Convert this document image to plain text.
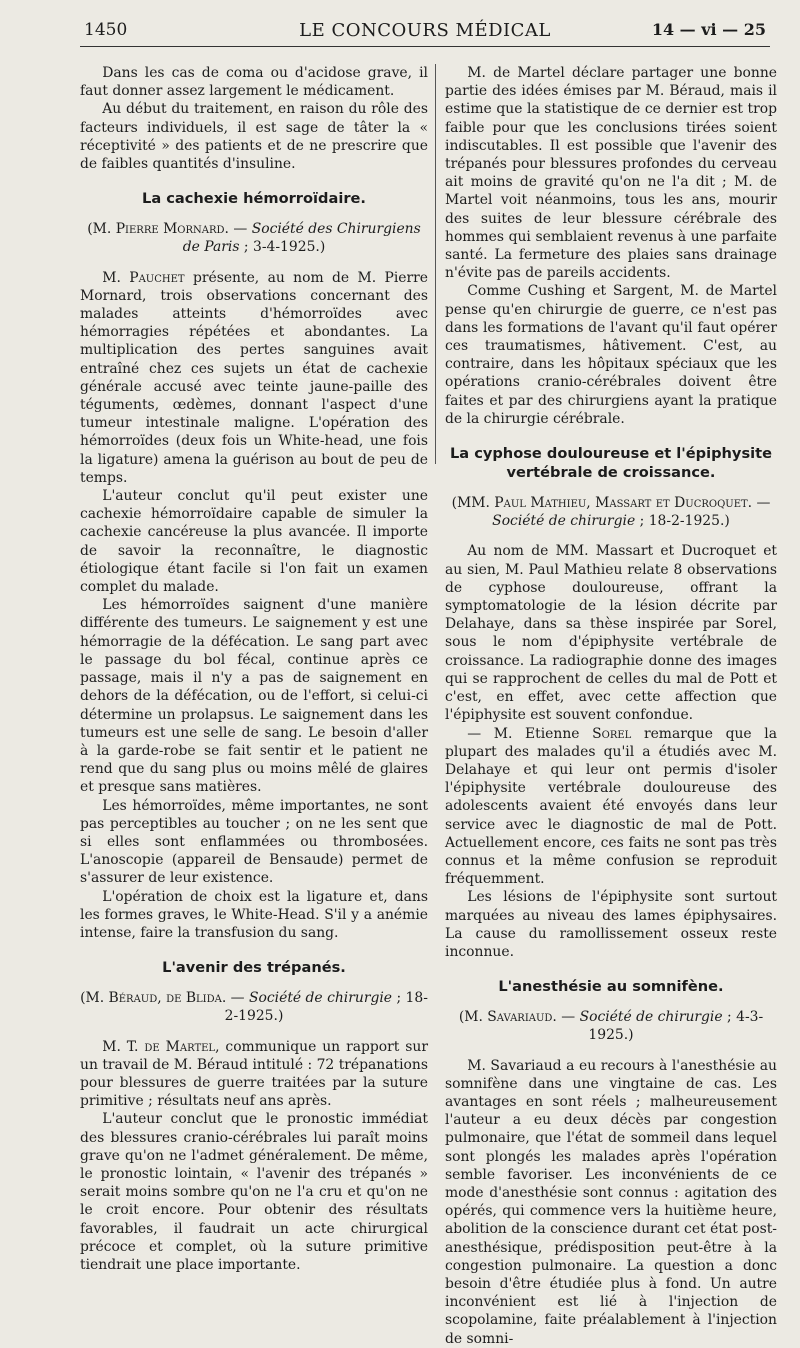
1450	LE CONCOURS MÉDICAL	14 — vi — 25

Dans les cas de coma ou d'acidose grave, il faut donner assez largement le médicament.

Au début du traitement, en raison du rôle des facteurs individuels, il est sage de tâter la « réceptivité » des patients et de ne prescrire que de faibles quantités d'insuline.

La cachexie hémorroïdaire.

(M. Pierre Mornard. — Société des Chirurgiens de Paris ; 3-4-1925.)

M. Pauchet présente, au nom de M. Pierre Mornard, trois observations concernant des malades atteints d'hémorroïdes avec hémorragies répétées et abondantes. La multiplication des pertes sanguines avait entraîné chez ces sujets un état de cachexie générale accusé avec teinte jaune-paille des téguments, œdèmes, donnant l'aspect d'une tumeur intestinale maligne. L'opération des hémorroïdes (deux fois un White-head, une fois la ligature) amena la guérison au bout de peu de temps.

L'auteur conclut qu'il peut exister une cachexie hémorroïdaire capable de simuler la cachexie cancéreuse la plus avancée. Il importe de savoir la reconnaître, le diagnostic étiologique étant facile si l'on fait un examen complet du malade.

Les hémorroïdes saignent d'une manière différente des tumeurs. Le saignement y est une hémorragie de la défécation. Le sang part avec le passage du bol fécal, continue après ce passage, mais il n'y a pas de saignement en dehors de la défécation, ou de l'effort, si celui-ci détermine un prolapsus. Le saignement dans les tumeurs est une selle de sang. Le besoin d'aller à la garde-robe se fait sentir et le patient ne rend que du sang plus ou moins mêlé de glaires et presque sans matières.

Les hémorroïdes, même importantes, ne sont pas perceptibles au toucher ; on ne les sent que si elles sont enflammées ou thrombosées. L'anoscopie (appareil de Bensaude) permet de s'assurer de leur existence.

L'opération de choix est la ligature et, dans les formes graves, le White-Head. S'il y a anémie intense, faire la transfusion du sang.

L'avenir des trépanés.

(M. Béraud, de Blida. — Société de chirurgie ; 18-2-1925.)

M. T. de Martel, communique un rapport sur un travail de M. Béraud intitulé : 72 trépanations pour blessures de guerre traitées par la suture primitive ; résultats neuf ans après.

L'auteur conclut que le pronostic immédiat des blessures cranio-cérébrales lui paraît moins grave qu'on ne l'admet généralement. De même, le pronostic lointain, « l'avenir des trépanés » serait moins sombre qu'on ne l'a cru et qu'on ne le croit encore. Pour obtenir des résultats favorables, il faudrait un acte chirurgical précoce et complet, où la suture primitive tiendrait une place importante.

M. de Martel déclare partager une bonne partie des idées émises par M. Béraud, mais il estime que la statistique de ce dernier est trop faible pour que les conclusions tirées soient indiscutables. Il est possible que l'avenir des trépanés pour blessures profondes du cerveau ait moins de gravité qu'on ne l'a dit ; M. de Martel voit néanmoins, tous les ans, mourir des suites de leur blessure cérébrale des hommes qui semblaient revenus à une parfaite santé. La fermeture des plaies sans drainage n'évite pas de pareils accidents.

Comme Cushing et Sargent, M. de Martel pense qu'en chirurgie de guerre, ce n'est pas dans les formations de l'avant qu'il faut opérer ces traumatismes, hâtivement. C'est, au contraire, dans les hôpitaux spéciaux que les opérations cranio-cérébrales doivent être faites et par des chirurgiens ayant la pratique de la chirurgie cérébrale.

La cyphose douloureuse et l'épiphysite vertébrale de croissance.

(MM. Paul Mathieu, Massart et Ducroquet. — Société de chirurgie ; 18-2-1925.)

Au nom de MM. Massart et Ducroquet et au sien, M. Paul Mathieu relate 8 observations de cyphose douloureuse, offrant la symptomatologie de la lésion décrite par Delahaye, dans sa thèse inspirée par Sorel, sous le nom d'épiphysite vertébrale de croissance. La radiographie donne des images qui se rapprochent de celles du mal de Pott et c'est, en effet, avec cette affection que l'épiphysite est souvent confondue.

— M. Etienne Sorel remarque que la plupart des malades qu'il a étudiés avec M. Delahaye et qui leur ont permis d'isoler l'épiphysite vertébrale douloureuse des adolescents avaient été envoyés dans leur service avec le diagnostic de mal de Pott. Actuellement encore, ces faits ne sont pas très connus et la même confusion se reproduit fréquemment.

Les lésions de l'épiphysite sont surtout marquées au niveau des lames épiphysaires. La cause du ramollissement osseux reste inconnue.

L'anesthésie au somnifène.

(M. Savariaud. — Société de chirurgie ; 4-3-1925.)

M. Savariaud a eu recours à l'anesthésie au somnifène dans une vingtaine de cas. Les avantages en sont réels ; malheureusement l'auteur a eu deux décès par congestion pulmonaire, que l'état de sommeil dans lequel sont plongés les malades après l'opération semble favoriser. Les inconvénients de ce mode d'anesthésie sont connus : agitation des opérés, qui commence vers la huitième heure, abolition de la conscience durant cet état post-anesthésique, prédisposition peut-être à la congestion pulmonaire. La question a donc besoin d'être étudiée plus à fond. Un autre inconvénient est lié à l'injection de scopolamine, faite préalablement à l'injection de somni-
